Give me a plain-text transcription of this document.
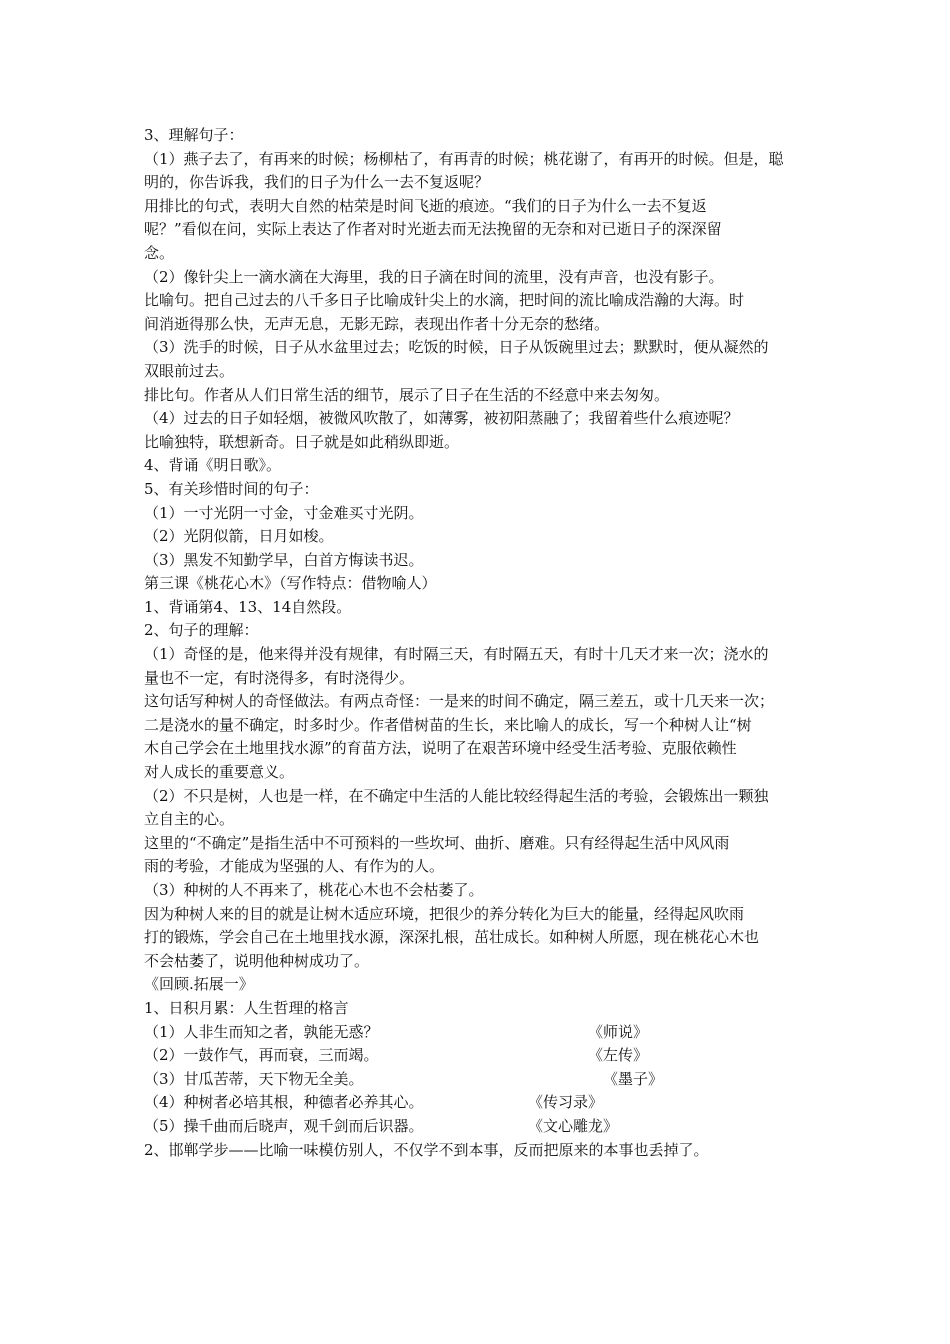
3、理解句子：
（1）燕子去了，有再来的时候；杨柳枯了，有再青的时候；桃花谢了，有再开的时候。但是，聪
明的，你告诉我，我们的日子为什么一去不复返呢？
用排比的句式，表明大自然的枯荣是时间飞逝的痕迹。“我们的日子为什么一去不复返
呢？”看似在问，实际上表达了作者对时光逝去而无法挽留的无奈和对已逝日子的深深留
念。
（2）像针尖上一滴水滴在大海里，我的日子滴在时间的流里，没有声音，也没有影子。
比喻句。把自己过去的八千多日子比喻成针尖上的水滴，把时间的流比喻成浩瀚的大海。时
间消逝得那么快，无声无息，无影无踪，表现出作者十分无奈的愁绪。
（3）洗手的时候，日子从水盆里过去；吃饭的时候，日子从饭碗里过去；默默时，便从凝然的
双眼前过去。
排比句。作者从人们日常生活的细节，展示了日子在生活的不经意中来去匆匆。
（4）过去的日子如轻烟，被微风吹散了，如薄雾，被初阳蒸融了；我留着些什么痕迹呢？
比喻独特，联想新奇。日子就是如此稍纵即逝。
4、背诵《明日歌》。
5、有关珍惜时间的句子：
（1）一寸光阴一寸金，寸金难买寸光阴。
（2）光阴似箭，日月如梭。
（3）黑发不知勤学早，白首方悔读书迟。
第三课《桃花心木》（写作特点：借物喻人）
1、背诵第4、13、14自然段。
2、句子的理解：
（1）奇怪的是，他来得并没有规律，有时隔三天，有时隔五天，有时十几天才来一次；浇水的
量也不一定，有时浇得多，有时浇得少。
这句话写种树人的奇怪做法。有两点奇怪：一是来的时间不确定，隔三差五，或十几天来一次；
二是浇水的量不确定，时多时少。作者借树苗的生长，来比喻人的成长，写一个种树人让“树
木自己学会在土地里找水源”的育苗方法，说明了在艰苦环境中经受生活考验、克服依赖性
对人成长的重要意义。
（2）不只是树，人也是一样，在不确定中生活的人能比较经得起生活的考验，会锻炼出一颗独
立自主的心。
这里的“不确定”是指生活中不可预料的一些坎坷、曲折、磨难。只有经得起生活中风风雨
雨的考验，才能成为坚强的人、有作为的人。
（3）种树的人不再来了，桃花心木也不会枯萎了。
因为种树人来的目的就是让树木适应环境，把很少的养分转化为巨大的能量，经得起风吹雨
打的锻炼，学会自己在土地里找水源，深深扎根，茁壮成长。如种树人所愿，现在桃花心木也
不会枯萎了，说明他种树成功了。
《回顾.拓展一》
1、日积月累：人生哲理的格言
（1）人非生而知之者，孰能无惑？	《师说》
（2）一鼓作气，再而衰，三而竭。	《左传》
（3）甘瓜苦蒂，天下物无全美。	《墨子》
（4）种树者必培其根，种德者必养其心。	《传习录》
（5）操千曲而后晓声，观千剑而后识器。	《文心雕龙》
2、邯郸学步——比喻一味模仿别人，不仅学不到本事，反而把原来的本事也丢掉了。
